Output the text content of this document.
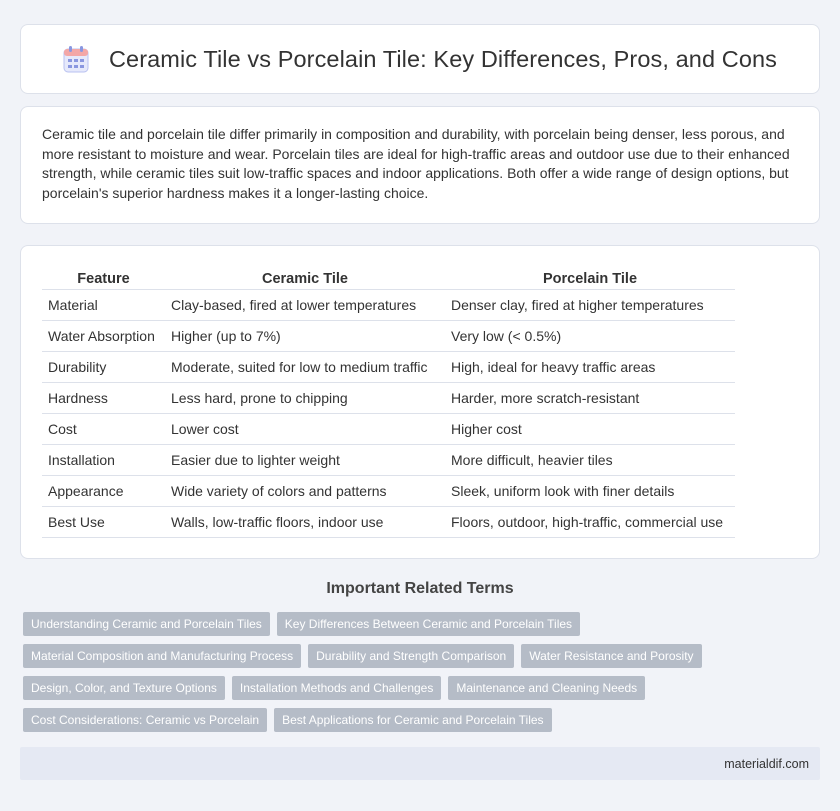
Ceramic Tile vs Porcelain Tile: Key Differences, Pros, and Cons

Ceramic tile and porcelain tile differ primarily in composition and durability, with porcelain being denser, less porous, and more resistant to moisture and wear. Porcelain tiles are ideal for high-traffic areas and outdoor use due to their enhanced strength, while ceramic tiles suit low-traffic spaces and indoor applications. Both offer a wide range of design options, but porcelain's superior hardness makes it a longer-lasting choice.

Feature	Ceramic Tile	Porcelain Tile
Material	Clay-based, fired at lower temperatures	Denser clay, fired at higher temperatures
Water Absorption	Higher (up to 7%)	Very low (< 0.5%)
Durability	Moderate, suited for low to medium traffic	High, ideal for heavy traffic areas
Hardness	Less hard, prone to chipping	Harder, more scratch-resistant
Cost	Lower cost	Higher cost
Installation	Easier due to lighter weight	More difficult, heavier tiles
Appearance	Wide variety of colors and patterns	Sleek, uniform look with finer details
Best Use	Walls, low-traffic floors, indoor use	Floors, outdoor, high-traffic, commercial use
Important Related Terms
Understanding Ceramic and Porcelain Tiles	Key Differences Between Ceramic and Porcelain Tiles
Material Composition and Manufacturing Process	Durability and Strength Comparison	Water Resistance and Porosity
Design, Color, and Texture Options	Installation Methods and Challenges	Maintenance and Cleaning Needs
Cost Considerations: Ceramic vs Porcelain	Best Applications for Ceramic and Porcelain Tiles
materialdif.com
